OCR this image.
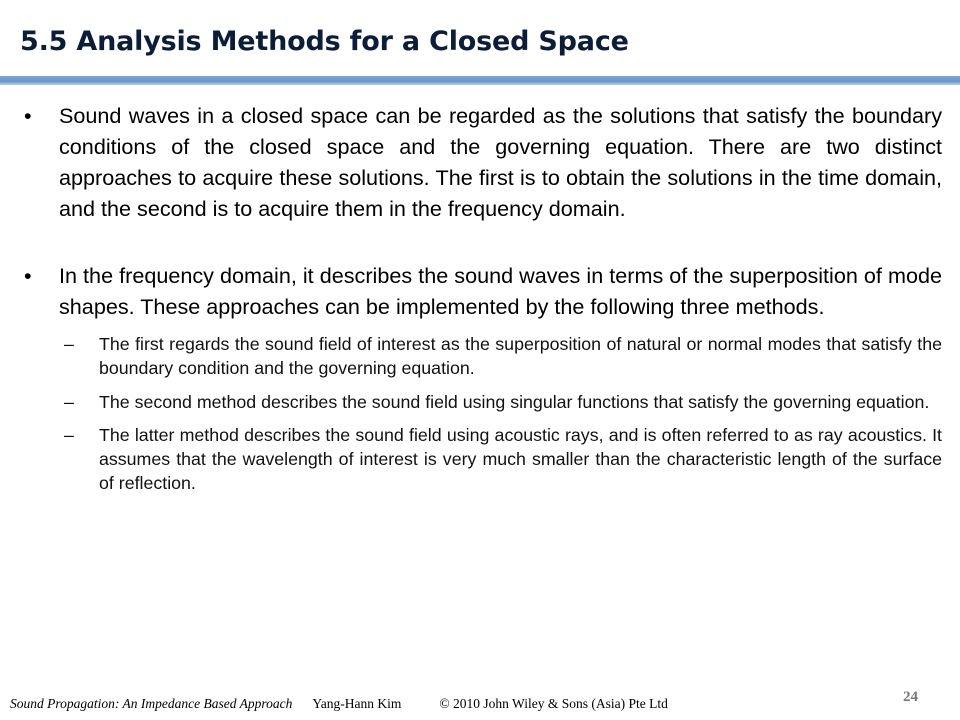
5.5 Analysis Methods for a Closed Space

• Sound waves in a closed space can be regarded as the solutions that satisfy the boundary conditions of the closed space and the governing equation. There are two distinct approaches to acquire these solutions. The first is to obtain the solutions in the time domain, and the second is to acquire them in the frequency domain.

• In the frequency domain, it describes the sound waves in terms of the superposition of mode shapes. These approaches can be implemented by the following three methods.

– The first regards the sound field of interest as the superposition of natural or normal modes that satisfy the boundary condition and the governing equation.

– The second method describes the sound field using singular functions that satisfy the governing equation.

– The latter method describes the sound field using acoustic rays, and is often referred to as ray acoustics. It assumes that the wavelength of interest is very much smaller than the characteristic length of the surface of reflection.

Sound Propagation: An Impedance Based Approach Yang-Hann Kim	© 2010 John Wiley & Sons (Asia) Pte Ltd	24
